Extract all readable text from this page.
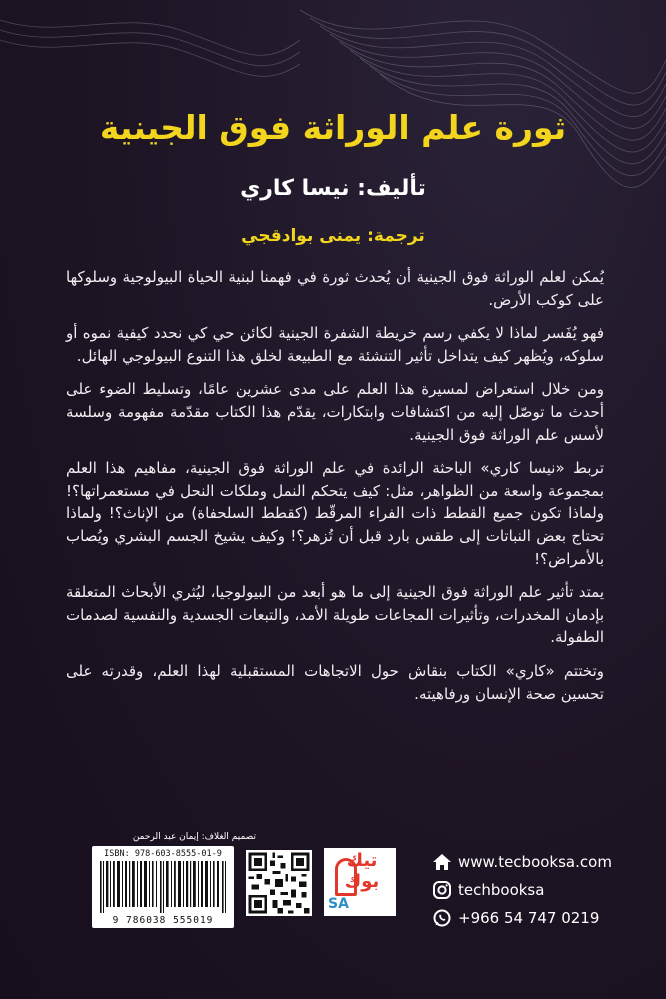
ثورة علم الوراثة فوق الجينية
تأليف: نيسا كاري
ترجمة: يمنى بوادقجي

يُمكن لعلم الوراثة فوق الجينية أن يُحدث ثورة في فهمنا لبنية الحياة البيولوجية وسلوكها على كوكب الأرض.

فهو يُفَسر لماذا لا يكفي رسم خريطة الشفرة الجينية لكائن حي كي نحدد كيفية نموه أو سلوكه، ويُظهر كيف يتداخل تأثير التنشئة مع الطبيعة لخلق هذا التنوع البيولوجي الهائل.

ومن خلال استعراض لمسيرة هذا العلم على مدى عشرين عامًا، وتسليط الضوء على أحدث ما توصّل إليه من اكتشافات وابتكارات، يقدّم هذا الكتاب مقدّمة مفهومة وسلسة لأسس علم الوراثة فوق الجينية.

تربط «نيسا كاري» الباحثة الرائدة في علم الوراثة فوق الجينية، مفاهيم هذا العلم بمجموعة واسعة من الظواهر، مثل: كيف يتحكم النمل وملكات النحل في مستعمراتها؟! ولماذا تكون جميع القطط ذات الفراء المرقّط (كقطط السلحفاة) من الإناث؟! ولماذا تحتاج بعض النباتات إلى طقس بارد قبل أن تُزهر؟! وكيف يشيخ الجسم البشري ويُصاب بالأمراض؟!

يمتد تأثير علم الوراثة فوق الجينية إلى ما هو أبعد من البيولوجيا، ليُثري الأبحاث المتعلقة بإدمان المخدرات، وتأثيرات المجاعات طويلة الأمد، والتبعات الجسدية والنفسية لصدمات الطفولة.

وتختتم «كاري» الكتاب بنقاش حول الاتجاهات المستقبلية لهذا العلم، وقدرته على تحسين صحة الإنسان ورفاهيته.

تصميم الغلاف: إيمان عبد الرحمن
ISBN: 978-603-8555-01-9
9 786038 555019
تيك بوك
SA
www.tecbooksa.com
techbooksa
+966 54 747 0219
